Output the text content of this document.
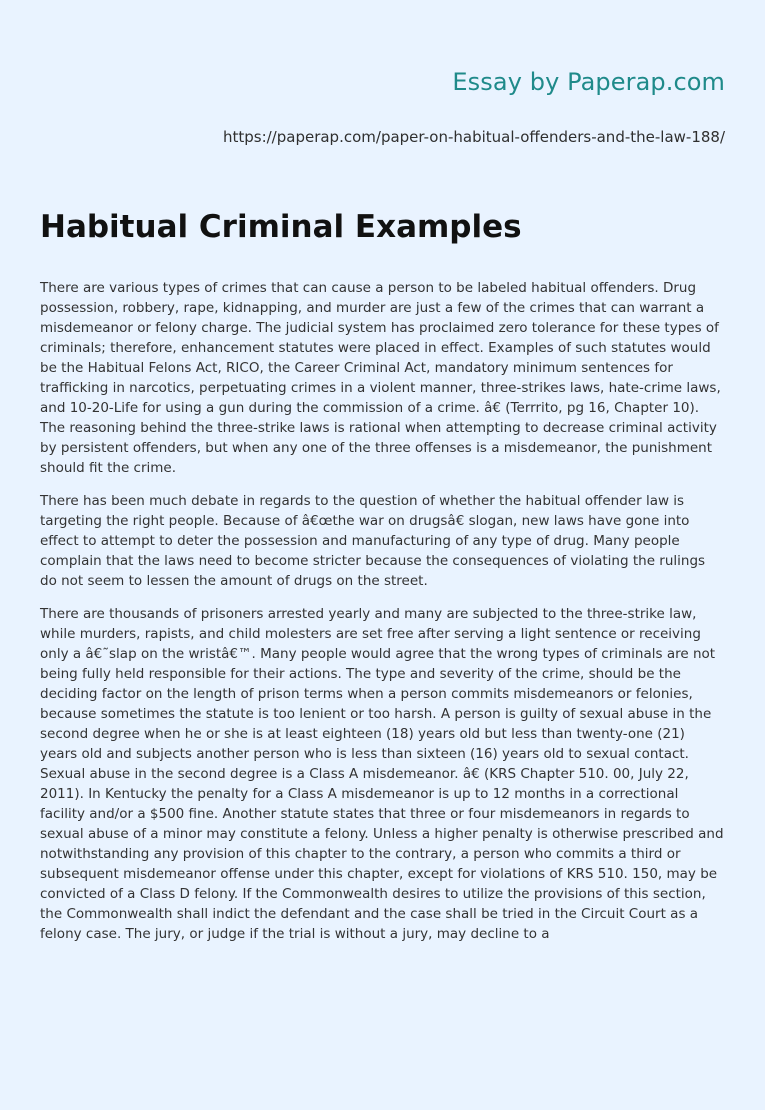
Essay by Paperap.com
https://paperap.com/paper-on-habitual-offenders-and-the-law-188/
Habitual Criminal Examples

There are various types of crimes that can cause a person to be labeled habitual offenders. Drug possession, robbery, rape, kidnapping, and murder are just a few of the crimes that can warrant a misdemeanor or felony charge. The judicial system has proclaimed zero tolerance for these types of criminals; therefore, enhancement statutes were placed in effect. Examples of such statutes would be the Habitual Felons Act, RICO, the Career Criminal Act, mandatory minimum sentences for trafficking in narcotics, perpetuating crimes in a violent manner, three-strikes laws, hate-crime laws, and 10-20-Life for using a gun during the commission of a crime. â€ (Terrrito, pg 16, Chapter 10). The reasoning behind the three-strike laws is rational when attempting to decrease criminal activity by persistent offenders, but when any one of the three offenses is a misdemeanor, the punishment should fit the crime.

There has been much debate in regards to the question of whether the habitual offender law is targeting the right people. Because of â€œthe war on drugsâ€ slogan, new laws have gone into effect to attempt to deter the possession and manufacturing of any type of drug. Many people complain that the laws need to become stricter because the consequences of violating the rulings do not seem to lessen the amount of drugs on the street.

There are thousands of prisoners arrested yearly and many are subjected to the three-strike law, while murders, rapists, and child molesters are set free after serving a light sentence or receiving only a â€˜slap on the wristâ€™. Many people would agree that the wrong types of criminals are not being fully held responsible for their actions. The type and severity of the crime, should be the deciding factor on the length of prison terms when a person commits misdemeanors or felonies, because sometimes the statute is too lenient or too harsh. A person is guilty of sexual abuse in the second degree when he or she is at least eighteen (18) years old but less than twenty-one (21) years old and subjects another person who is less than sixteen (16) years old to sexual contact. Sexual abuse in the second degree is a Class A misdemeanor. â€ (KRS Chapter 510. 00, July 22, 2011). In Kentucky the penalty for a Class A misdemeanor is up to 12 months in a correctional facility and/or a $500 fine. Another statute states that three or four misdemeanors in regards to sexual abuse of a minor may constitute a felony. Unless a higher penalty is otherwise prescribed and notwithstanding any provision of this chapter to the contrary, a person who commits a third or subsequent misdemeanor offense under this chapter, except for violations of KRS 510. 150, may be convicted of a Class D felony. If the Commonwealth desires to utilize the provisions of this section, the Commonwealth shall indict the defendant and the case shall be tried in the Circuit Court as a felony case. The jury, or judge if the trial is without a jury, may decline to a
